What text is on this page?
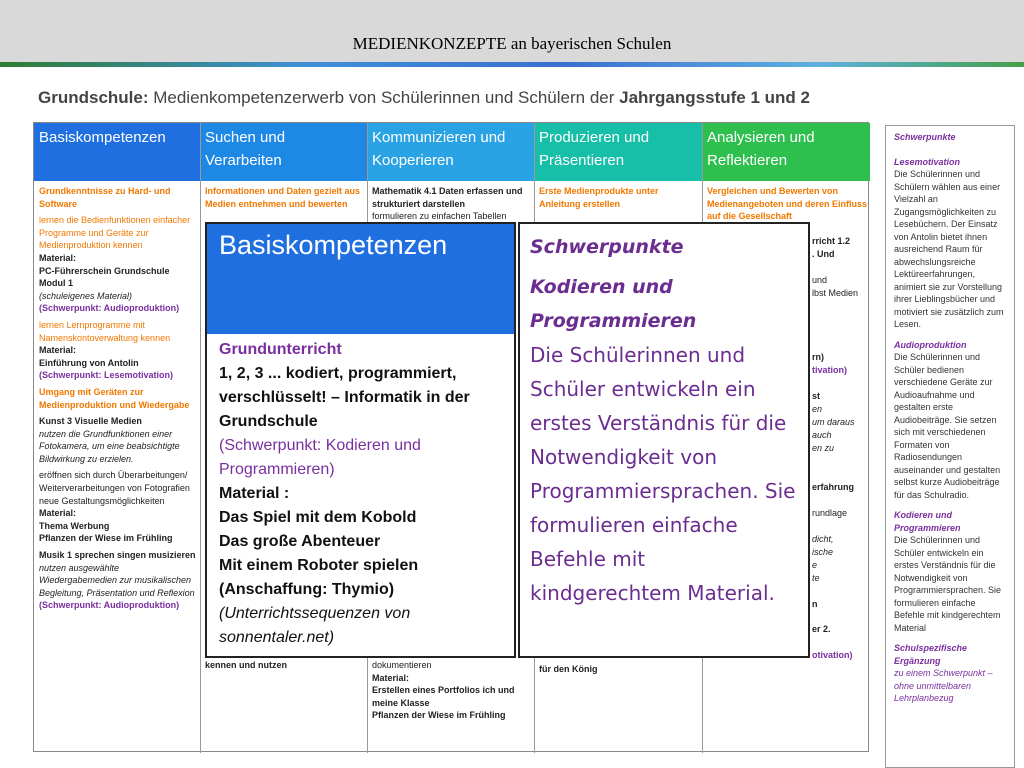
MEDIENKONZEPTE an bayerischen Schulen
Grundschule: Medienkompetenzerwerb von Schülerinnen und Schülern der Jahrgangsstufe 1 und 2
Basiskompetenzen	Suchen und
Verarbeiten
Kommunizieren und
Kooperieren
Produzieren und
Präsentieren
Analysieren und
Reflektieren

Grundkenntnisse zu Hard- und Software

lernen die Bedienfunktionen einfacher Programme und Geräte zur Medienproduktion kennen
Material:
PC-Führerschein Grundschule Modul 1
(schuleigenes Material)
(Schwerpunkt: Audioproduktion)

lernen Lernprogramme mit Namenskontoverwaltung kennen
Material:
Einführung von Antolin
(Schwerpunkt: Lesemotivation)

Umgang mit Geräten zur Medienproduktion und Wiedergabe

Kunst 3 Visuelle Medien
nutzen die Grundfunktionen einer Fotokamera, um eine beabsichtigte Bildwirkung zu erzielen.

eröffnen sich durch Überarbeitungen/ Weiterverarbeitungen von Fotografien neue Gestaltungsmöglichkeiten
Material:
Thema Werbung
Pflanzen der Wiese im Frühling

Musik 1 sprechen singen musizieren
nutzen ausgewählte Wiedergabemedien zur musikalischen Begleitung, Präsentation und Reflexion
(Schwerpunkt: Audioproduktion)

Informationen und Daten gezielt aus Medien entnehmen und bewerten
kennen und nutzen
Mathematik 4.1 Daten erfassen und strukturiert darstellen
formulieren zu einfachen Tabellen
dokumentieren
Material:
Erstellen eines Portfolios ich und meine Klasse
Pflanzen der Wiese im Frühling
Erste Medienprodukte unter Anleitung erstellen
für den König
Vergleichen und Bewerten von Medienangeboten und deren Einfluss auf die Gesellschaft
rricht 1.2
. Und
und
lbst Medien
rn)
tivation)
st
en
um daraus
auch
en zu
erfahrung
rundlage
dicht,
ische
e
te
n
er 2.
otivation)
Schwerpunkte
Lesemotivation
Die Schülerinnen und Schülern wählen aus einer Vielzahl an Zugangsmöglichkeiten zu Lesebüchern. Der Einsatz von Antolin bietet ihnen ausreichend Raum für abwechslungsreiche Lektüreerfahrungen, animiert sie zur Vorstellung ihrer Lieblingsbücher und motiviert sie zusätzlich zum Lesen.
Audioproduktion
Die Schülerinnen und Schüler bedienen verschiedene Geräte zur Audioaufnahme und gestalten erste Audiobeiträge. Sie setzen sich mit verschiedenen Formaten von Radiosendungen auseinander und gestalten selbst kurze Audiobeiträge für das Schulradio.
Kodieren und Programmieren
Die Schülerinnen und Schüler entwickeln ein erstes Verständnis für die Notwendigkeit von Programmiersprachen. Sie formulieren einfache Befehle mit kindgerechtem Material
Schulspezifische Ergänzung
zu einem Schwerpunkt – ohne unmittelbaren Lehrplanbezug
Basiskompetenzen
Grundunterricht
1, 2, 3 ... kodiert, programmiert, verschlüsselt! – Informatik in der Grundschule
(Schwerpunkt: Kodieren und Programmieren)
Material :
Das Spiel mit dem Kobold
Das große Abenteuer
Mit einem Roboter spielen (Anschaffung: Thymio)
(Unterrichtssequenzen von sonnentaler.net)
Schwerpunkte
Kodieren und Programmieren
Die Schülerinnen und Schüler entwickeln ein erstes Verständnis für die Notwendigkeit von Programmiersprachen. Sie formulieren einfache Befehle mit kindgerechtem Material.
